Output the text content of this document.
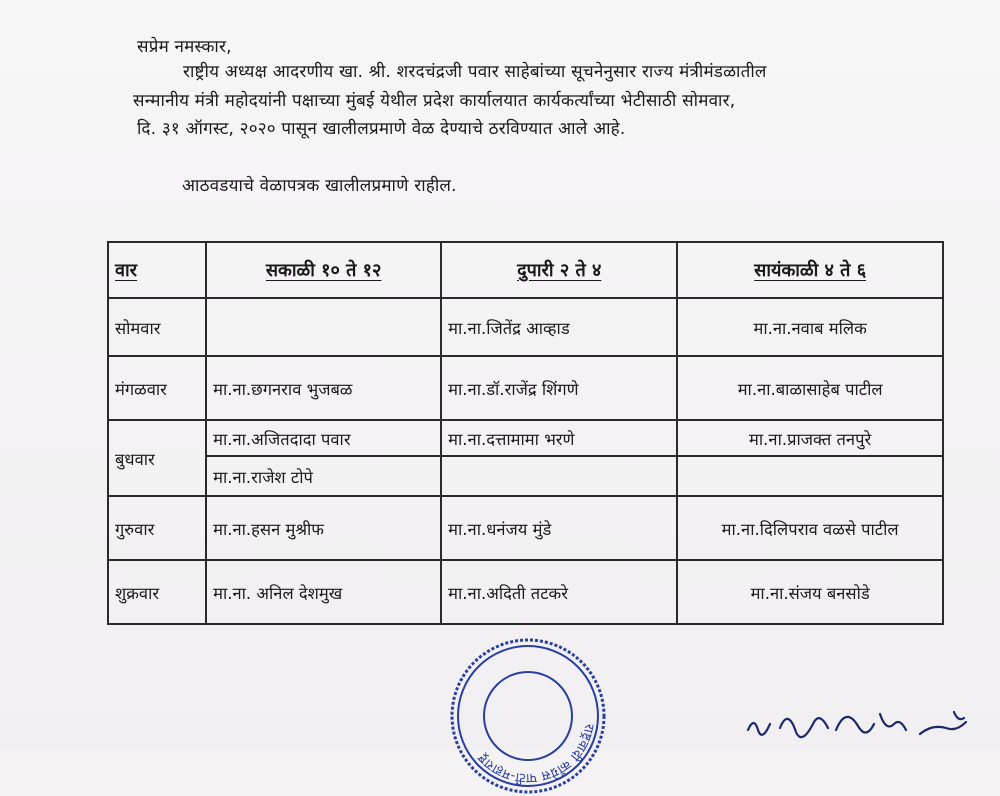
सप्रेम नमस्कार,
राष्ट्रीय अध्यक्ष आदरणीय खा. श्री. शरदचंद्रजी पवार साहेबांच्या सूचनेनुसार राज्य मंत्रीमंडळातील
सन्मानीय मंत्री महोदयांनी पक्षाच्या मुंबई येथील प्रदेश कार्यालयात कार्यकर्त्यांच्या भेटीसाठी सोमवार,
दि. ३१ ऑगस्ट, २०२० पासून खालीलप्रमाणे वेळ देण्याचे ठरविण्यात आले आहे.
आठवडयाचे वेळापत्रक खालीलप्रमाणे राहील.
वार	सकाळी १० ते १२	दुपारी २ ते ४	सायंकाळी ४ ते ६
सोमवार		मा.ना.जितेंद्र आव्हाड	मा.ना.नवाब मलिक
मंगळवार	मा.ना.छगनराव भुजबळ	मा.ना.डॉ.राजेंद्र शिंगणे	मा.ना.बाळासाहेब पाटील
बुधवार	मा.ना.अजितदादा पवार	मा.ना.दत्तामामा भरणे	मा.ना.प्राजक्त तनपुरे
	मा.ना.राजेश टोपे		
गुरुवार	मा.ना.हसन मुश्रीफ	मा.ना.धनंजय मुंडे	मा.ना.दिलिपराव वळसे पाटील
शुक्रवार	मा.ना. अनिल देशमुख	मा.ना.अदिती तटकरे	मा.ना.संजय बनसोडे
राष्ट्रवादी काँग्रेस पार्टी-महाराष्ट्र
